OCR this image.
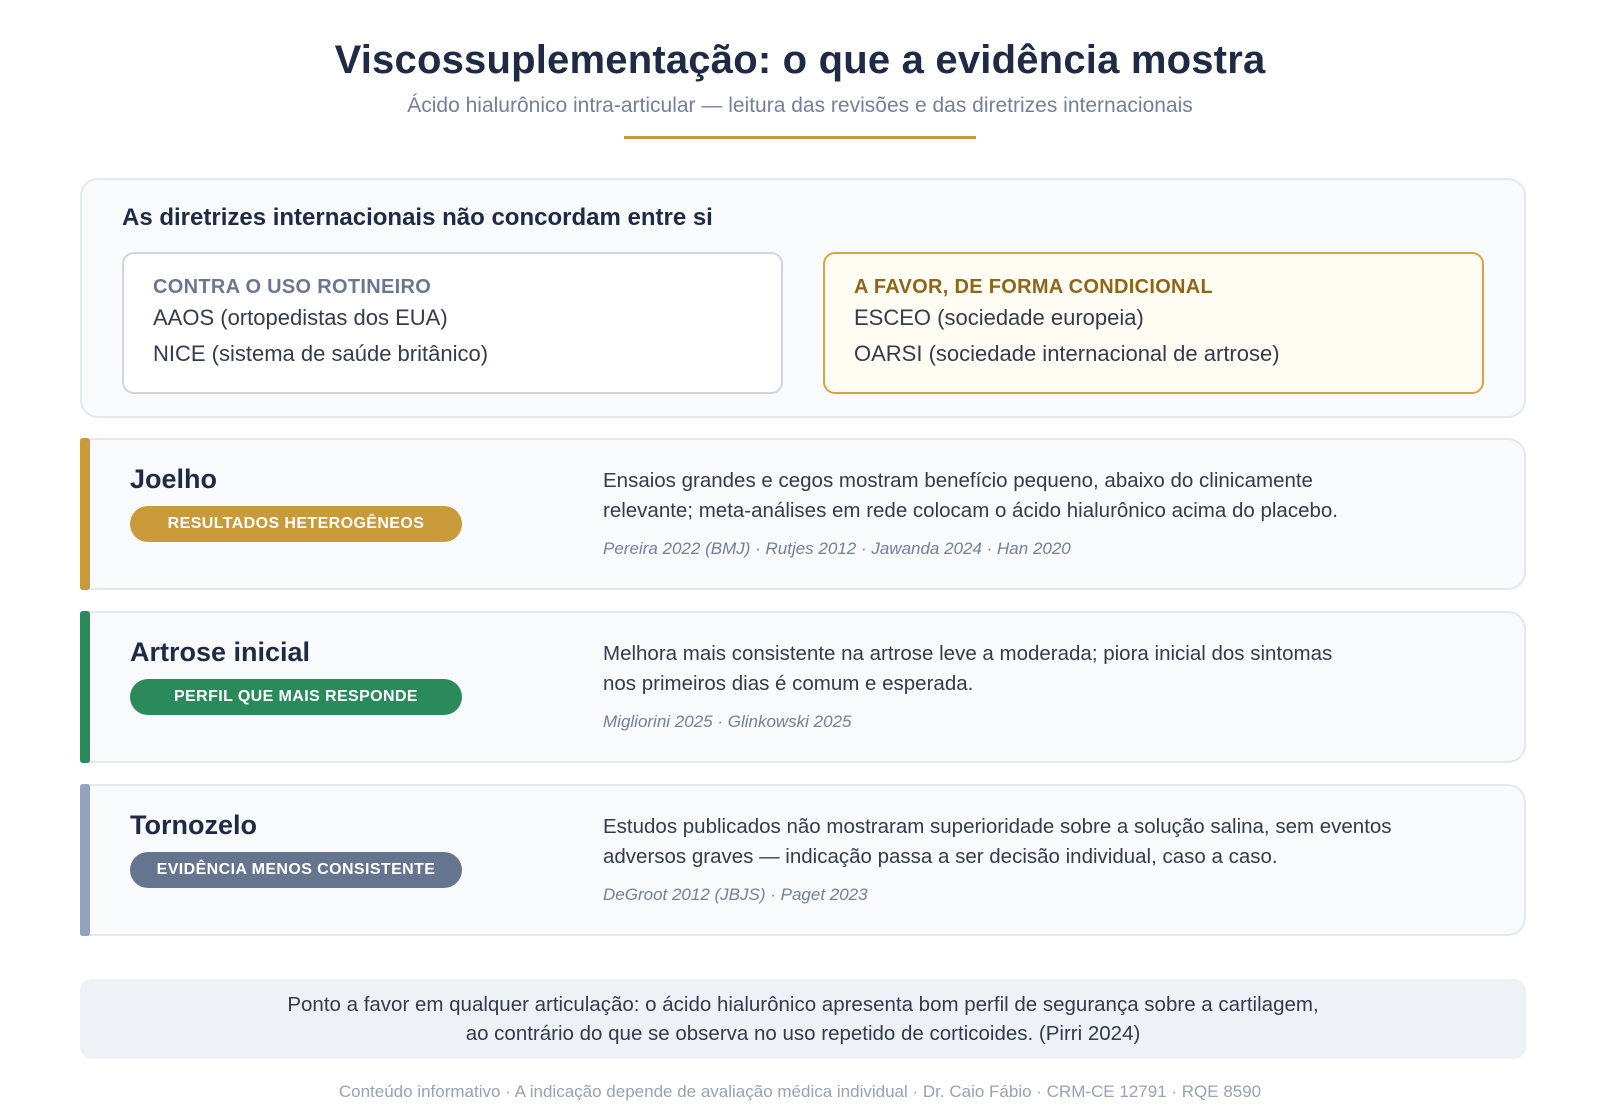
Viscossuplementação: o que a evidência mostra

Ácido hialurônico intra-articular — leitura das revisões e das diretrizes internacionais

As diretrizes internacionais não concordam entre si
CONTRA O USO ROTINEIRO
AAOS (ortopedistas dos EUA)
NICE (sistema de saúde britânico)
A FAVOR, DE FORMA CONDICIONAL
ESCEO (sociedade europeia)
OARSI (sociedade internacional de artrose)
Joelho
RESULTADOS HETEROGÊNEOS

Ensaios grandes e cegos mostram benefício pequeno, abaixo do clinicamente
relevante; meta-análises em rede colocam o ácido hialurônico acima do placebo.

Pereira 2022 (BMJ) · Rutjes 2012 · Jawanda 2024 · Han 2020

Artrose inicial
PERFIL QUE MAIS RESPONDE

Melhora mais consistente na artrose leve a moderada; piora inicial dos sintomas
nos primeiros dias é comum e esperada.

Migliorini 2025 · Glinkowski 2025

Tornozelo
EVIDÊNCIA MENOS CONSISTENTE

Estudos publicados não mostraram superioridade sobre a solução salina, sem eventos
adversos graves — indicação passa a ser decisão individual, caso a caso.

DeGroot 2012 (JBJS) · Paget 2023

Ponto a favor em qualquer articulação: o ácido hialurônico apresenta bom perfil de segurança sobre a cartilagem,
ao contrário do que se observa no uso repetido de corticoides. (Pirri 2024)
Conteúdo informativo · A indicação depende de avaliação médica individual · Dr. Caio Fábio · CRM-CE 12791 · RQE 8590
